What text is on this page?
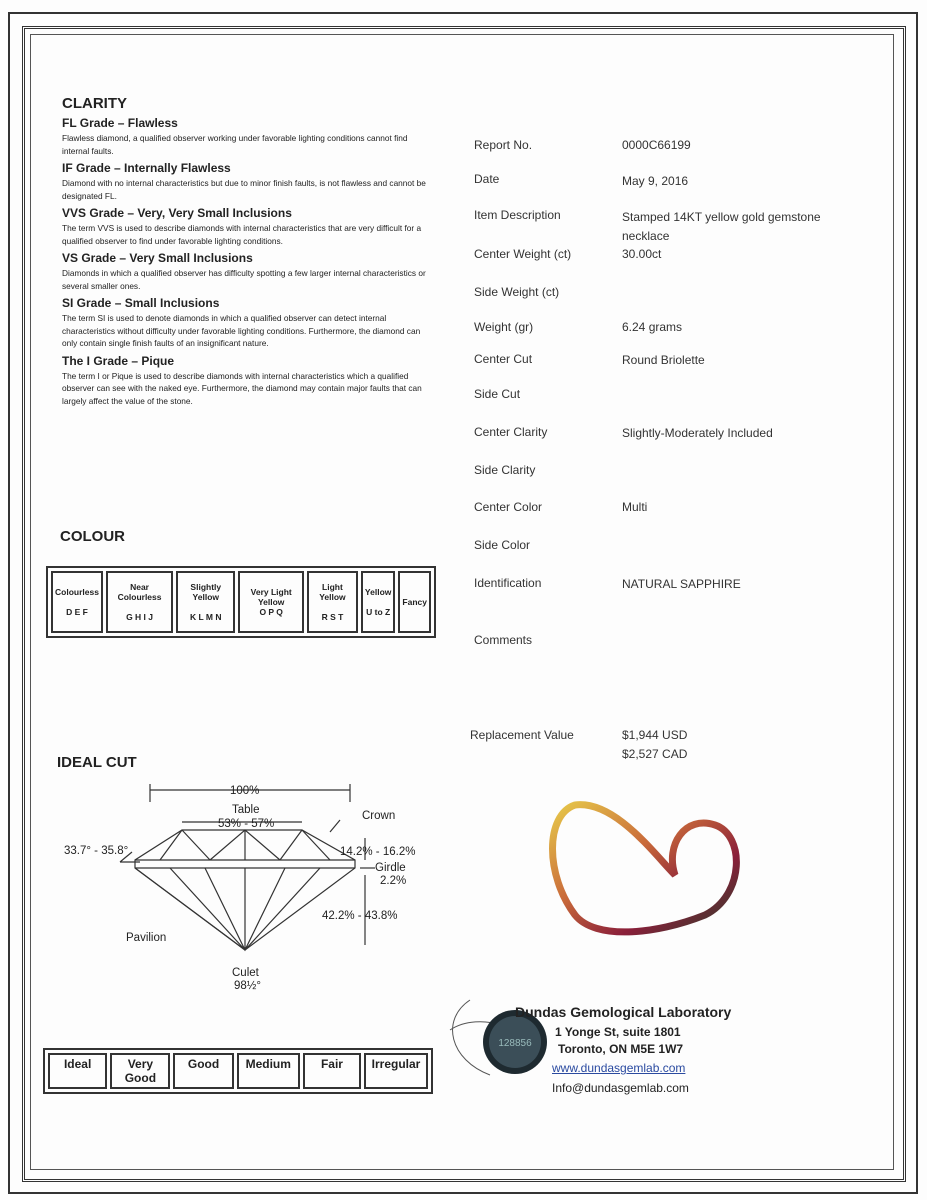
CLARITY
FL Grade – Flawless

Flawless diamond, a qualified observer working under favorable lighting conditions cannot find internal faults.

IF Grade – Internally Flawless

Diamond with no internal characteristics but due to minor finish faults, is not flawless and cannot be designated FL.

VVS Grade – Very, Very Small Inclusions

The term VVS is used to describe diamonds with internal characteristics that are very difficult for a qualified observer to find under favorable lighting conditions.

VS Grade – Very Small Inclusions

Diamonds in which a qualified observer has difficulty spotting a few larger internal characteristics or several smaller ones.

SI Grade – Small Inclusions

The term SI is used to denote diamonds in which a qualified observer can detect internal characteristics without difficulty under favorable lighting conditions. Furthermore, the diamond can only contain single finish faults of an insignificant nature.

The I Grade – Pique

The term I or Pique is used to describe diamonds with internal characteristics which a qualified observer can see with the naked eye. Furthermore, the diamond may contain major faults that can largely affect the value of the stone.

COLOUR
Colourless

D E F

Near Colourless

G H I J

Slightly Yellow

K L M N

Very Light Yellow
O P Q

Light Yellow

R S T

Yellow

U to Z

Fancy
IDEAL CUT
100%
Table
53% - 57%
Crown
33.7° - 35.8°	14.2% - 16.2%
Girdle
2.2%
42.2% - 43.8%
Pavilion
Culet
98½°
Ideal	Very Good	Good	Medium	Fair	Irregular
Report No.	0000C66199
Date	May 9, 2016
Item Description	Stamped 14KT yellow gold gemstone necklace
Center Weight (ct)	30.00ct
Side Weight (ct)
Weight (gr)	6.24 grams
Center Cut	Round Briolette
Side Cut
Center Clarity	Slightly-Moderately Included
Side Clarity
Center Color	Multi
Side Color
Identification	NATURAL SAPPHIRE
Comments
Replacement Value	$1,944 USD
$2,527 CAD
128856
Dundas Gemological Laboratory
1 Yonge St, suite 1801
Toronto, ON M5E 1W7
www.dundasgemlab.com
Info@dundasgemlab.com
